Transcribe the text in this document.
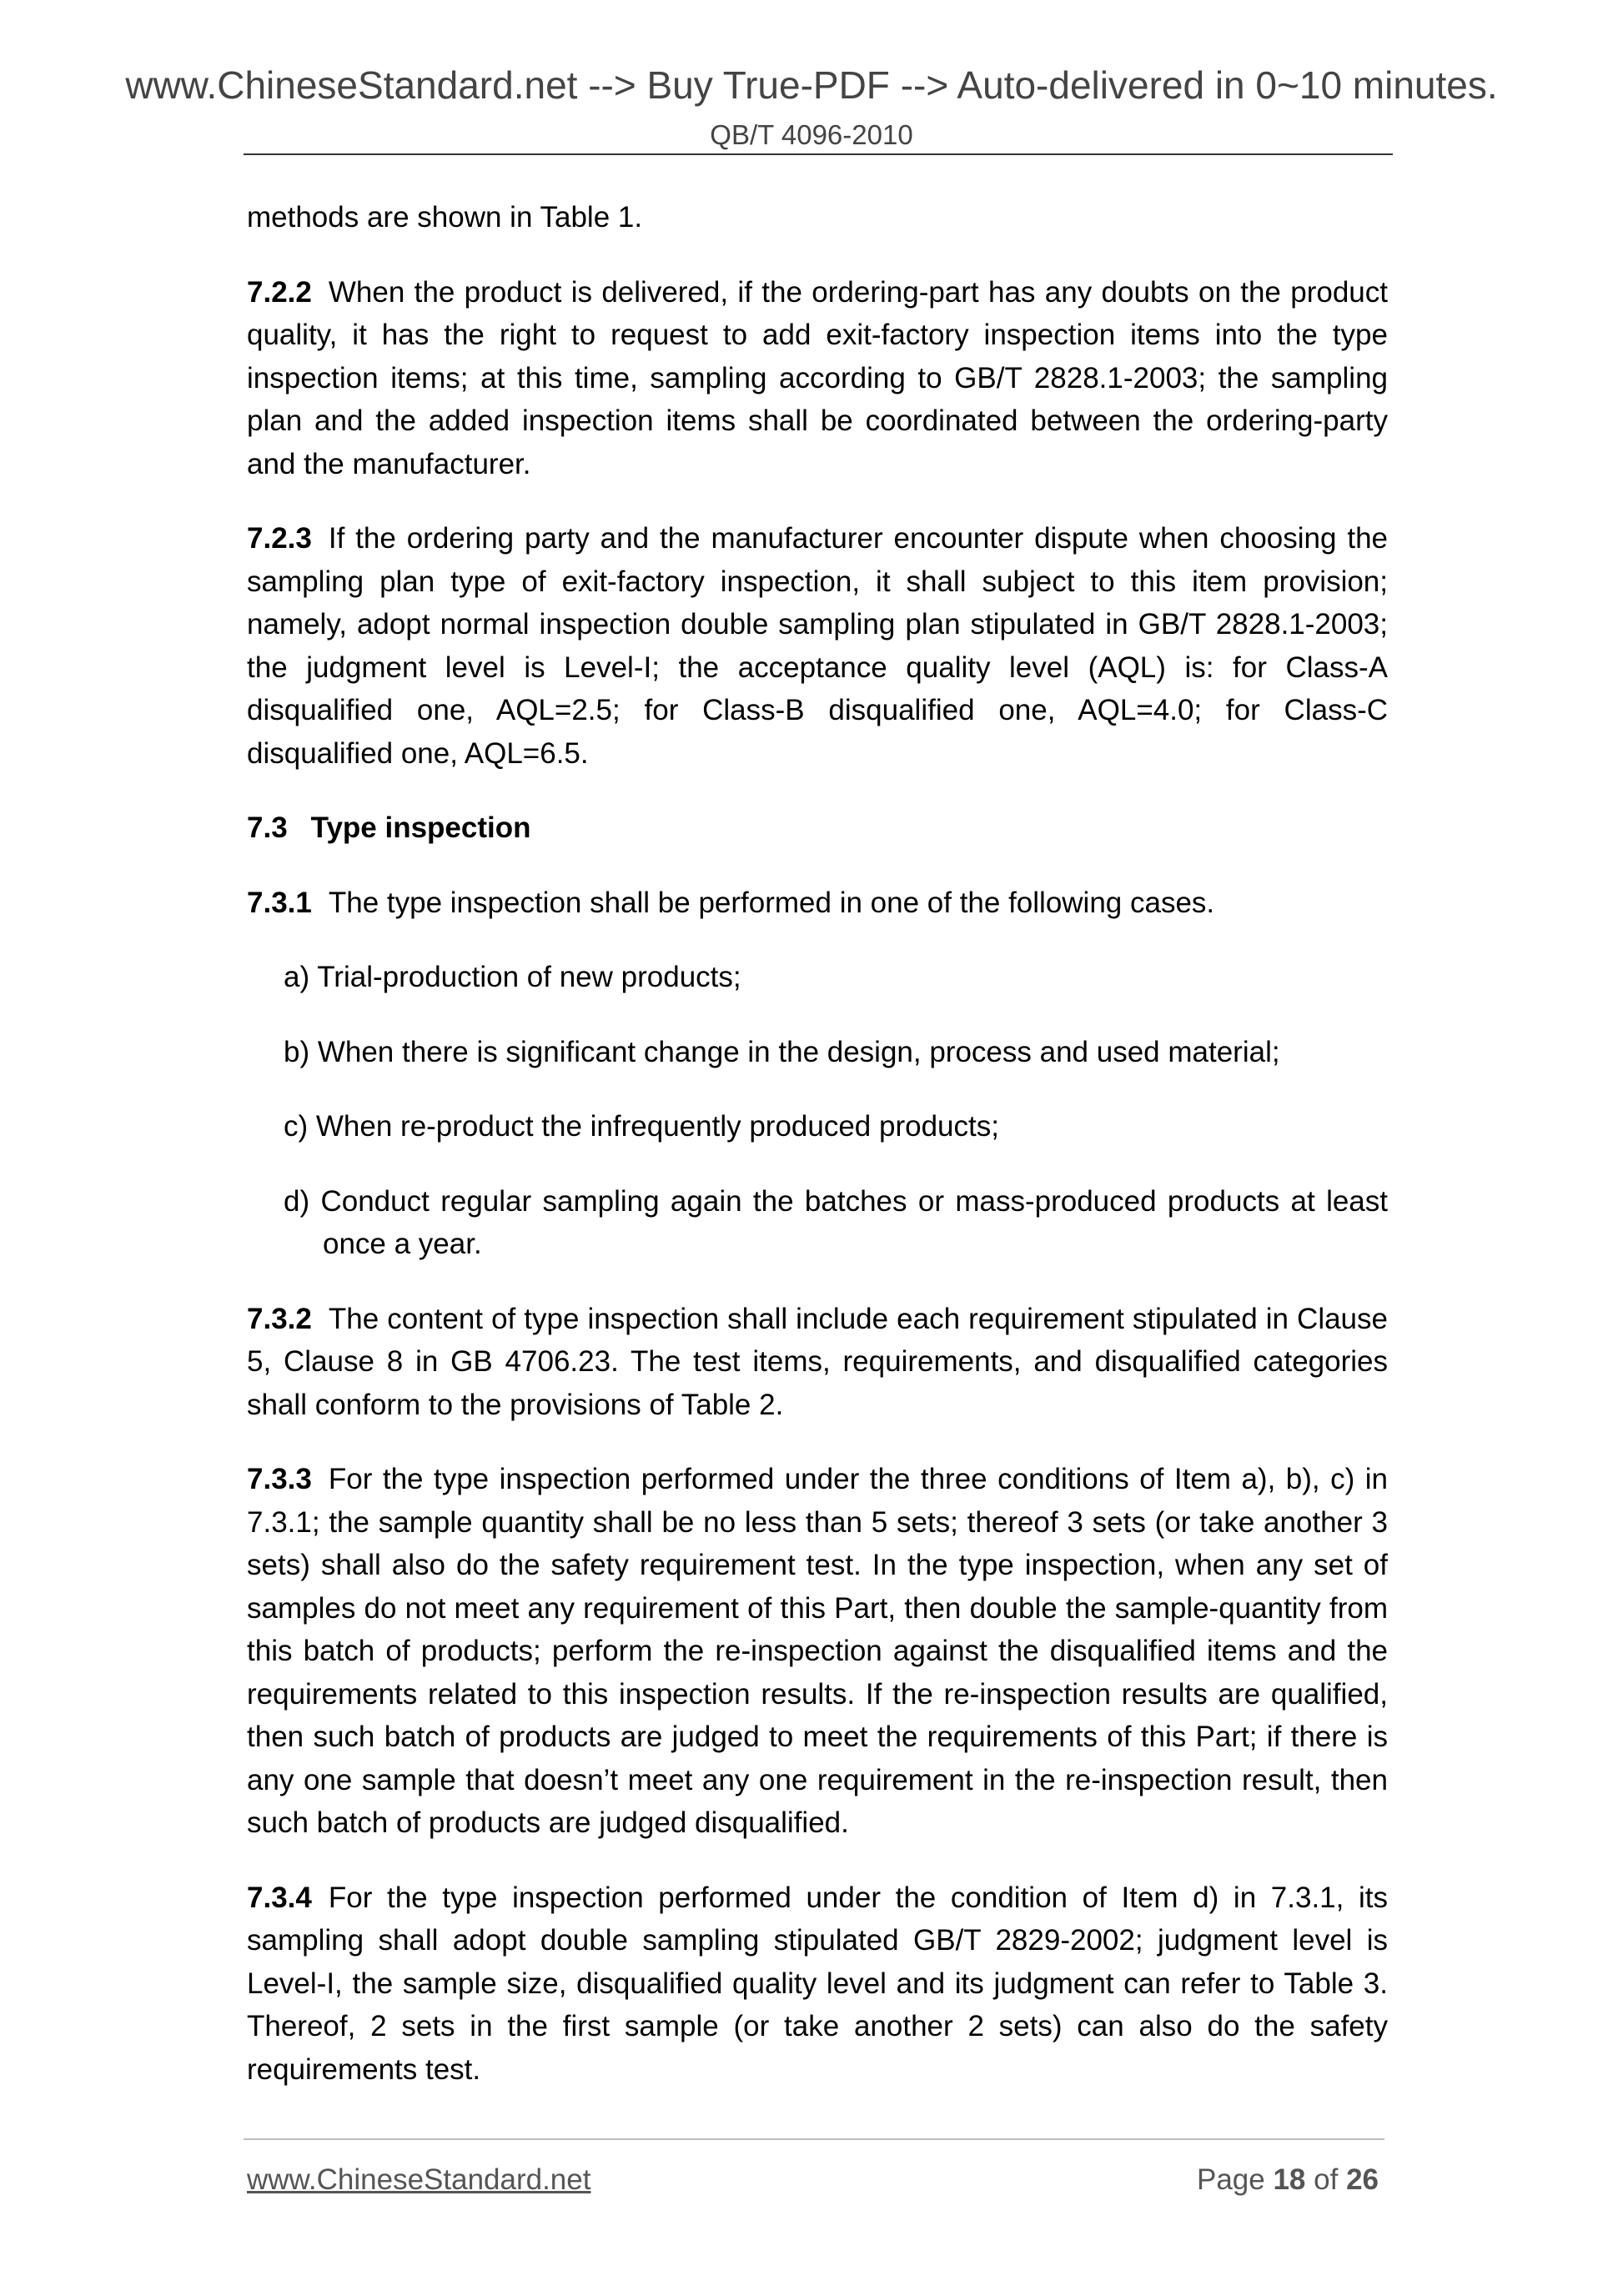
www.ChineseStandard.net --> Buy True-PDF --> Auto-delivered in 0~10 minutes.
QB/T 4096-2010

methods are shown in Table 1.

7.2.2 When the product is delivered, if the ordering-part has any doubts on the product quality, it has the right to request to add exit-factory inspection items into the type inspection items; at this time, sampling according to GB/T 2828.1-2003; the sampling plan and the added inspection items shall be coordinated between the ordering-party and the manufacturer.

7.2.3 If the ordering party and the manufacturer encounter dispute when choosing the sampling plan type of exit-factory inspection, it shall subject to this item provision; namely, adopt normal inspection double sampling plan stipulated in GB/T 2828.1-2003; the judgment level is Level-I; the acceptance quality level (AQL) is: for Class-A disqualified one, AQL=2.5; for Class-B disqualified one, AQL=4.0; for Class-C disqualified one, AQL=6.5.

7.3 Type inspection

7.3.1 The type inspection shall be performed in one of the following cases.

a) Trial-production of new products;

b) When there is significant change in the design, process and used material;

c) When re-product the infrequently produced products;

d) Conduct regular sampling again the batches or mass-produced products at least once a year.

7.3.2 The content of type inspection shall include each requirement stipulated in Clause 5, Clause 8 in GB 4706.23. The test items, requirements, and disqualified categories shall conform to the provisions of Table 2.

7.3.3 For the type inspection performed under the three conditions of Item a), b), c) in 7.3.1; the sample quantity shall be no less than 5 sets; thereof 3 sets (or take another 3 sets) shall also do the safety requirement test. In the type inspection, when any set of samples do not meet any requirement of this Part, then double the sample-quantity from this batch of products; perform the re-inspection against the disqualified items and the requirements related to this inspection results. If the re-inspection results are qualified, then such batch of products are judged to meet the requirements of this Part; if there is any one sample that doesn’t meet any one requirement in the re-inspection result, then such batch of products are judged disqualified.

7.3.4 For the type inspection performed under the condition of Item d) in 7.3.1, its sampling shall adopt double sampling stipulated GB/T 2829-2002; judgment level is Level-I, the sample size, disqualified quality level and its judgment can refer to Table 3. Thereof, 2 sets in the first sample (or take another 2 sets) can also do the safety requirements test.

www.ChineseStandard.net	Page 18 of 26
